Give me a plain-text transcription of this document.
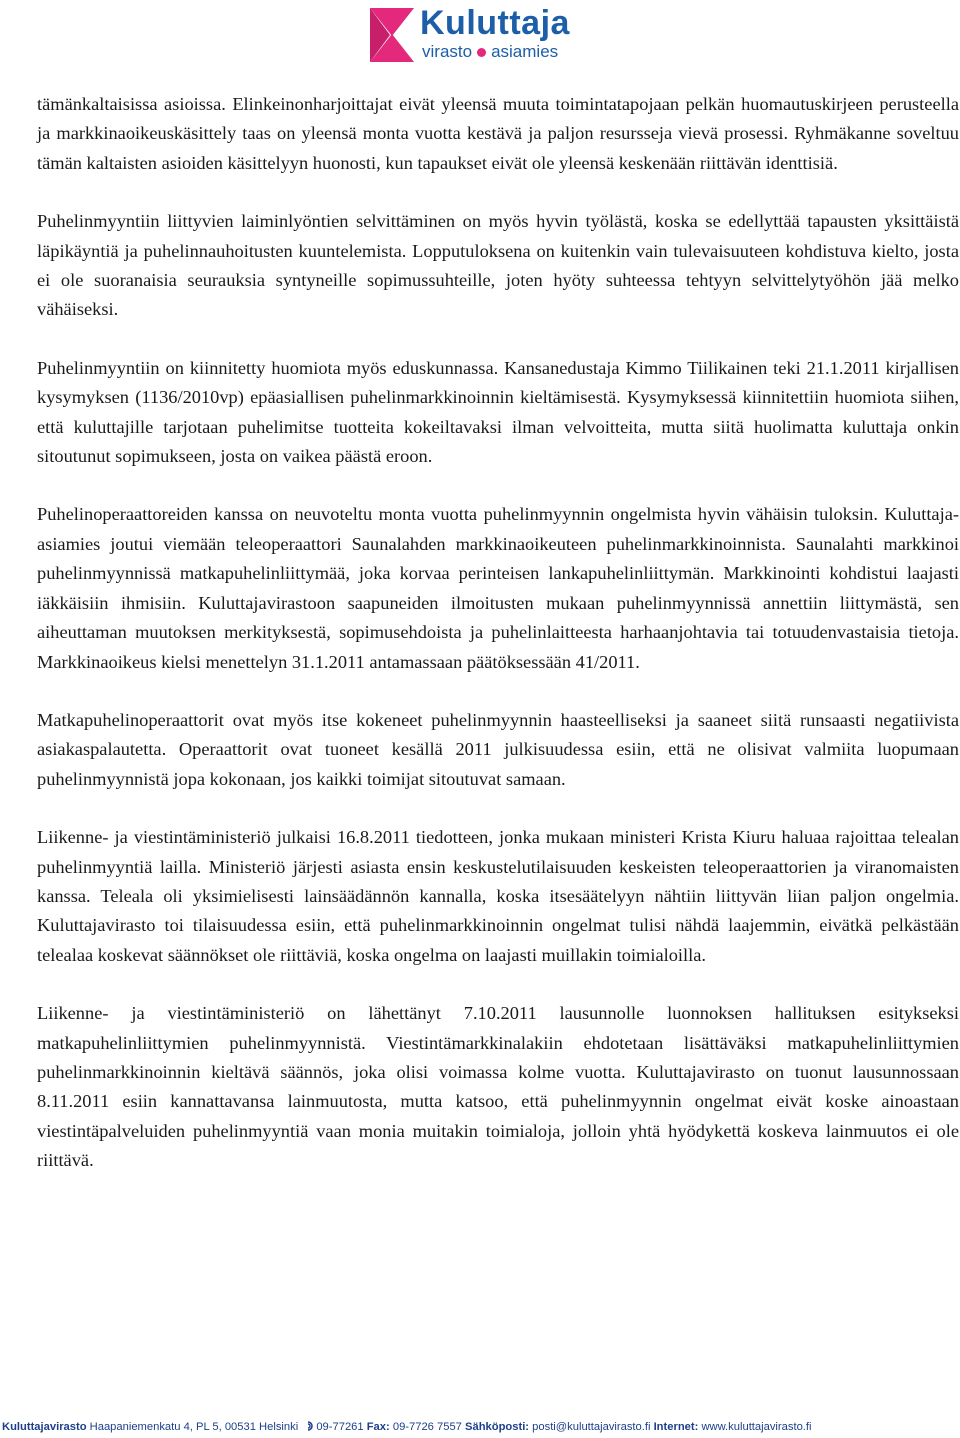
Kuluttaja
virasto asiamies

tämänkaltaisissa asioissa. Elinkeinonharjoittajat eivät yleensä muuta toimintatapojaan pelkän huomautuskirjeen perusteella ja markkinaoikeuskäsittely taas on yleensä monta vuotta kestävä ja paljon resursseja vievä prosessi. Ryhmäkanne soveltuu tämän kaltaisten asioiden käsittelyyn huonosti, kun tapaukset eivät ole yleensä keskenään riittävän identtisiä.

Puhelinmyyntiin liittyvien laiminlyöntien selvittäminen on myös hyvin työlästä, koska se edellyttää tapausten yksittäistä läpikäyntiä ja puhelinnauhoitusten kuuntelemista. Lopputuloksena on kuitenkin vain tulevaisuuteen kohdistuva kielto, josta ei ole suoranaisia seurauksia syntyneille sopimussuhteille, joten hyöty suhteessa tehtyyn selvittelytyöhön jää melko vähäiseksi.

Puhelinmyyntiin on kiinnitetty huomiota myös eduskunnassa. Kansanedustaja Kimmo Tiilikainen teki 21.1.2011 kirjallisen kysymyksen (1136/2010vp) epäasiallisen puhelinmarkkinoinnin kieltämisestä. Kysymyksessä kiinnitettiin huomiota siihen, että kuluttajille tarjotaan puhelimitse tuotteita kokeiltavaksi ilman velvoitteita, mutta siitä huolimatta kuluttaja onkin sitoutunut sopimukseen, josta on vaikea päästä eroon.

Puhelinoperaattoreiden kanssa on neuvoteltu monta vuotta puhelinmyynnin ongelmista hyvin vähäisin tuloksin. Kuluttaja-asiamies joutui viemään teleoperaattori Saunalahden markkinaoikeuteen puhelinmarkkinoinnista. Saunalahti markkinoi puhelinmyynnissä matkapuhelinliittymää, joka korvaa perinteisen lankapuhelinliittymän. Markkinointi kohdistui laajasti iäkkäisiin ihmisiin. Kuluttajavirastoon saapuneiden ilmoitusten mukaan puhelinmyynnissä annettiin liittymästä, sen aiheuttaman muutoksen merkityksestä, sopimusehdoista ja puhelinlaitteesta harhaanjohtavia tai totuudenvastaisia tietoja. Markkinaoikeus kielsi menettelyn 31.1.2011 antamassaan päätöksessään 41/2011.

Matkapuhelinoperaattorit ovat myös itse kokeneet puhelinmyynnin haasteelliseksi ja saaneet siitä runsaasti negatiivista asiakaspalautetta. Operaattorit ovat tuoneet kesällä 2011 julkisuudessa esiin, että ne olisivat valmiita luopumaan puhelinmyynnistä jopa kokonaan, jos kaikki toimijat sitoutuvat samaan.

Liikenne- ja viestintäministeriö julkaisi 16.8.2011 tiedotteen, jonka mukaan ministeri Krista Kiuru haluaa rajoittaa telealan puhelinmyyntiä lailla. Ministeriö järjesti asiasta ensin keskustelutilaisuuden keskeisten teleoperaattorien ja viranomaisten kanssa. Teleala oli yksimielisesti lainsäädännön kannalla, koska itsesäätelyyn nähtiin liittyvän liian paljon ongelmia. Kuluttajavirasto toi tilaisuudessa esiin, että puhelinmarkkinoinnin ongelmat tulisi nähdä laajemmin, eivätkä pelkästään telealaa koskevat säännökset ole riittäviä, koska ongelma on laajasti muillakin toimialoilla.

Liikenne- ja viestintäministeriö on lähettänyt 7.10.2011 lausunnolle luonnoksen hallituksen esitykseksi matkapuhelinliittymien puhelinmyynnistä. Viestintämarkkinalakiin ehdotetaan lisättäväksi matkapuhelinliittymien puhelinmarkkinoinnin kieltävä säännös, joka olisi voimassa kolme vuotta. Kuluttajavirasto on tuonut lausunnossaan 8.11.2011 esiin kannattavansa lainmuutosta, mutta katsoo, että puhelinmyynnin ongelmat eivät koske ainoastaan viestintäpalveluiden puhelinmyyntiä vaan monia muitakin toimialoja, jolloin yhtä hyödykettä koskeva lainmuutos ei ole riittävä.

Kuluttajavirasto Haapaniemenkatu 4, PL 5, 00531 Helsinki 09-77261 Fax: 09-7726 7557 Sähköposti: posti@kuluttajavirasto.fi Internet: www.kuluttajavirasto.fi
